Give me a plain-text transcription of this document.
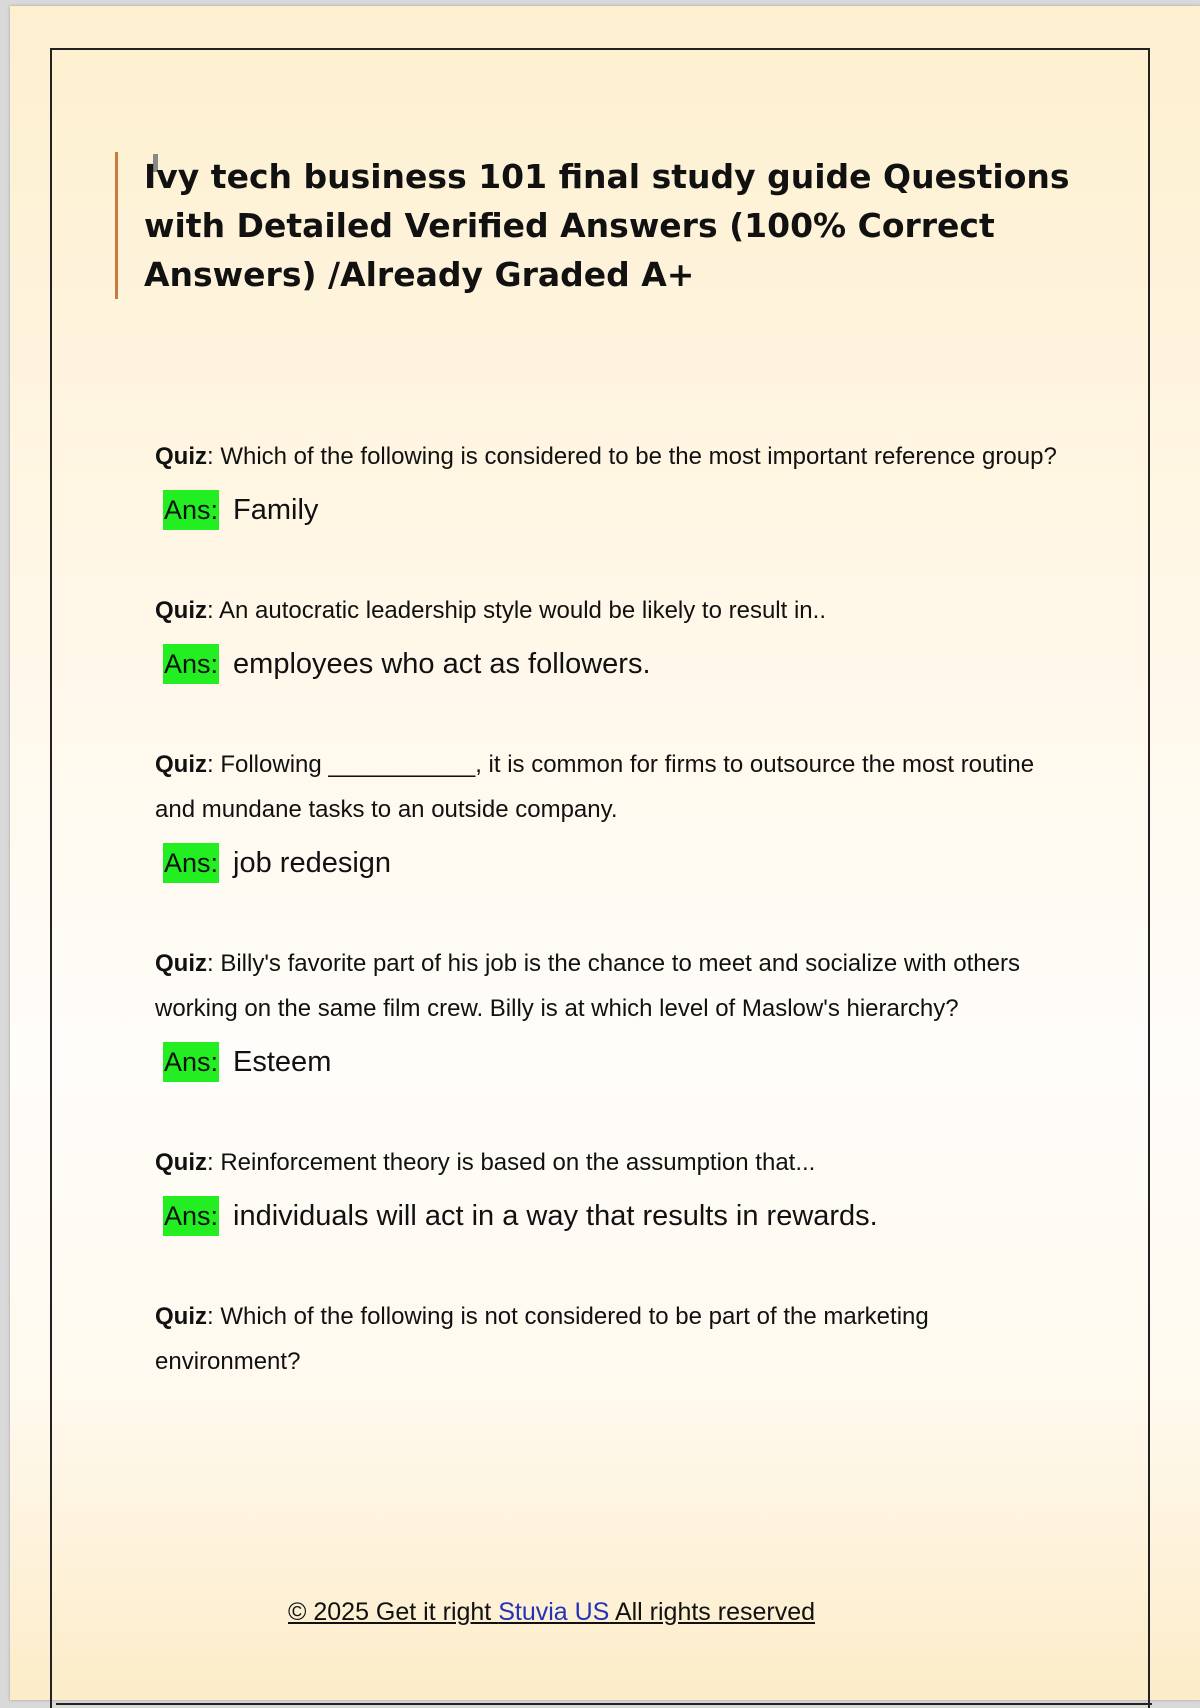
Ivy tech business 101 final study guide Questions with Detailed Verified Answers (100% Correct Answers) /Already Graded A+

Quiz: Which of the following is considered to be the most important reference group?

Ans: Family

Quiz: An autocratic leadership style would be likely to result in..

Ans: employees who act as followers.

Quiz: Following ___________, it is common for firms to outsource the most routine and mundane tasks to an outside company.

Ans: job redesign

Quiz: Billy's favorite part of his job is the chance to meet and socialize with others working on the same film crew. Billy is at which level of Maslow's hierarchy?

Ans: Esteem

Quiz: Reinforcement theory is based on the assumption that...

Ans: individuals will act in a way that results in rewards.

Quiz: Which of the following is not considered to be part of the marketing environment?

© 2025 Get it right Stuvia US All rights reserved
